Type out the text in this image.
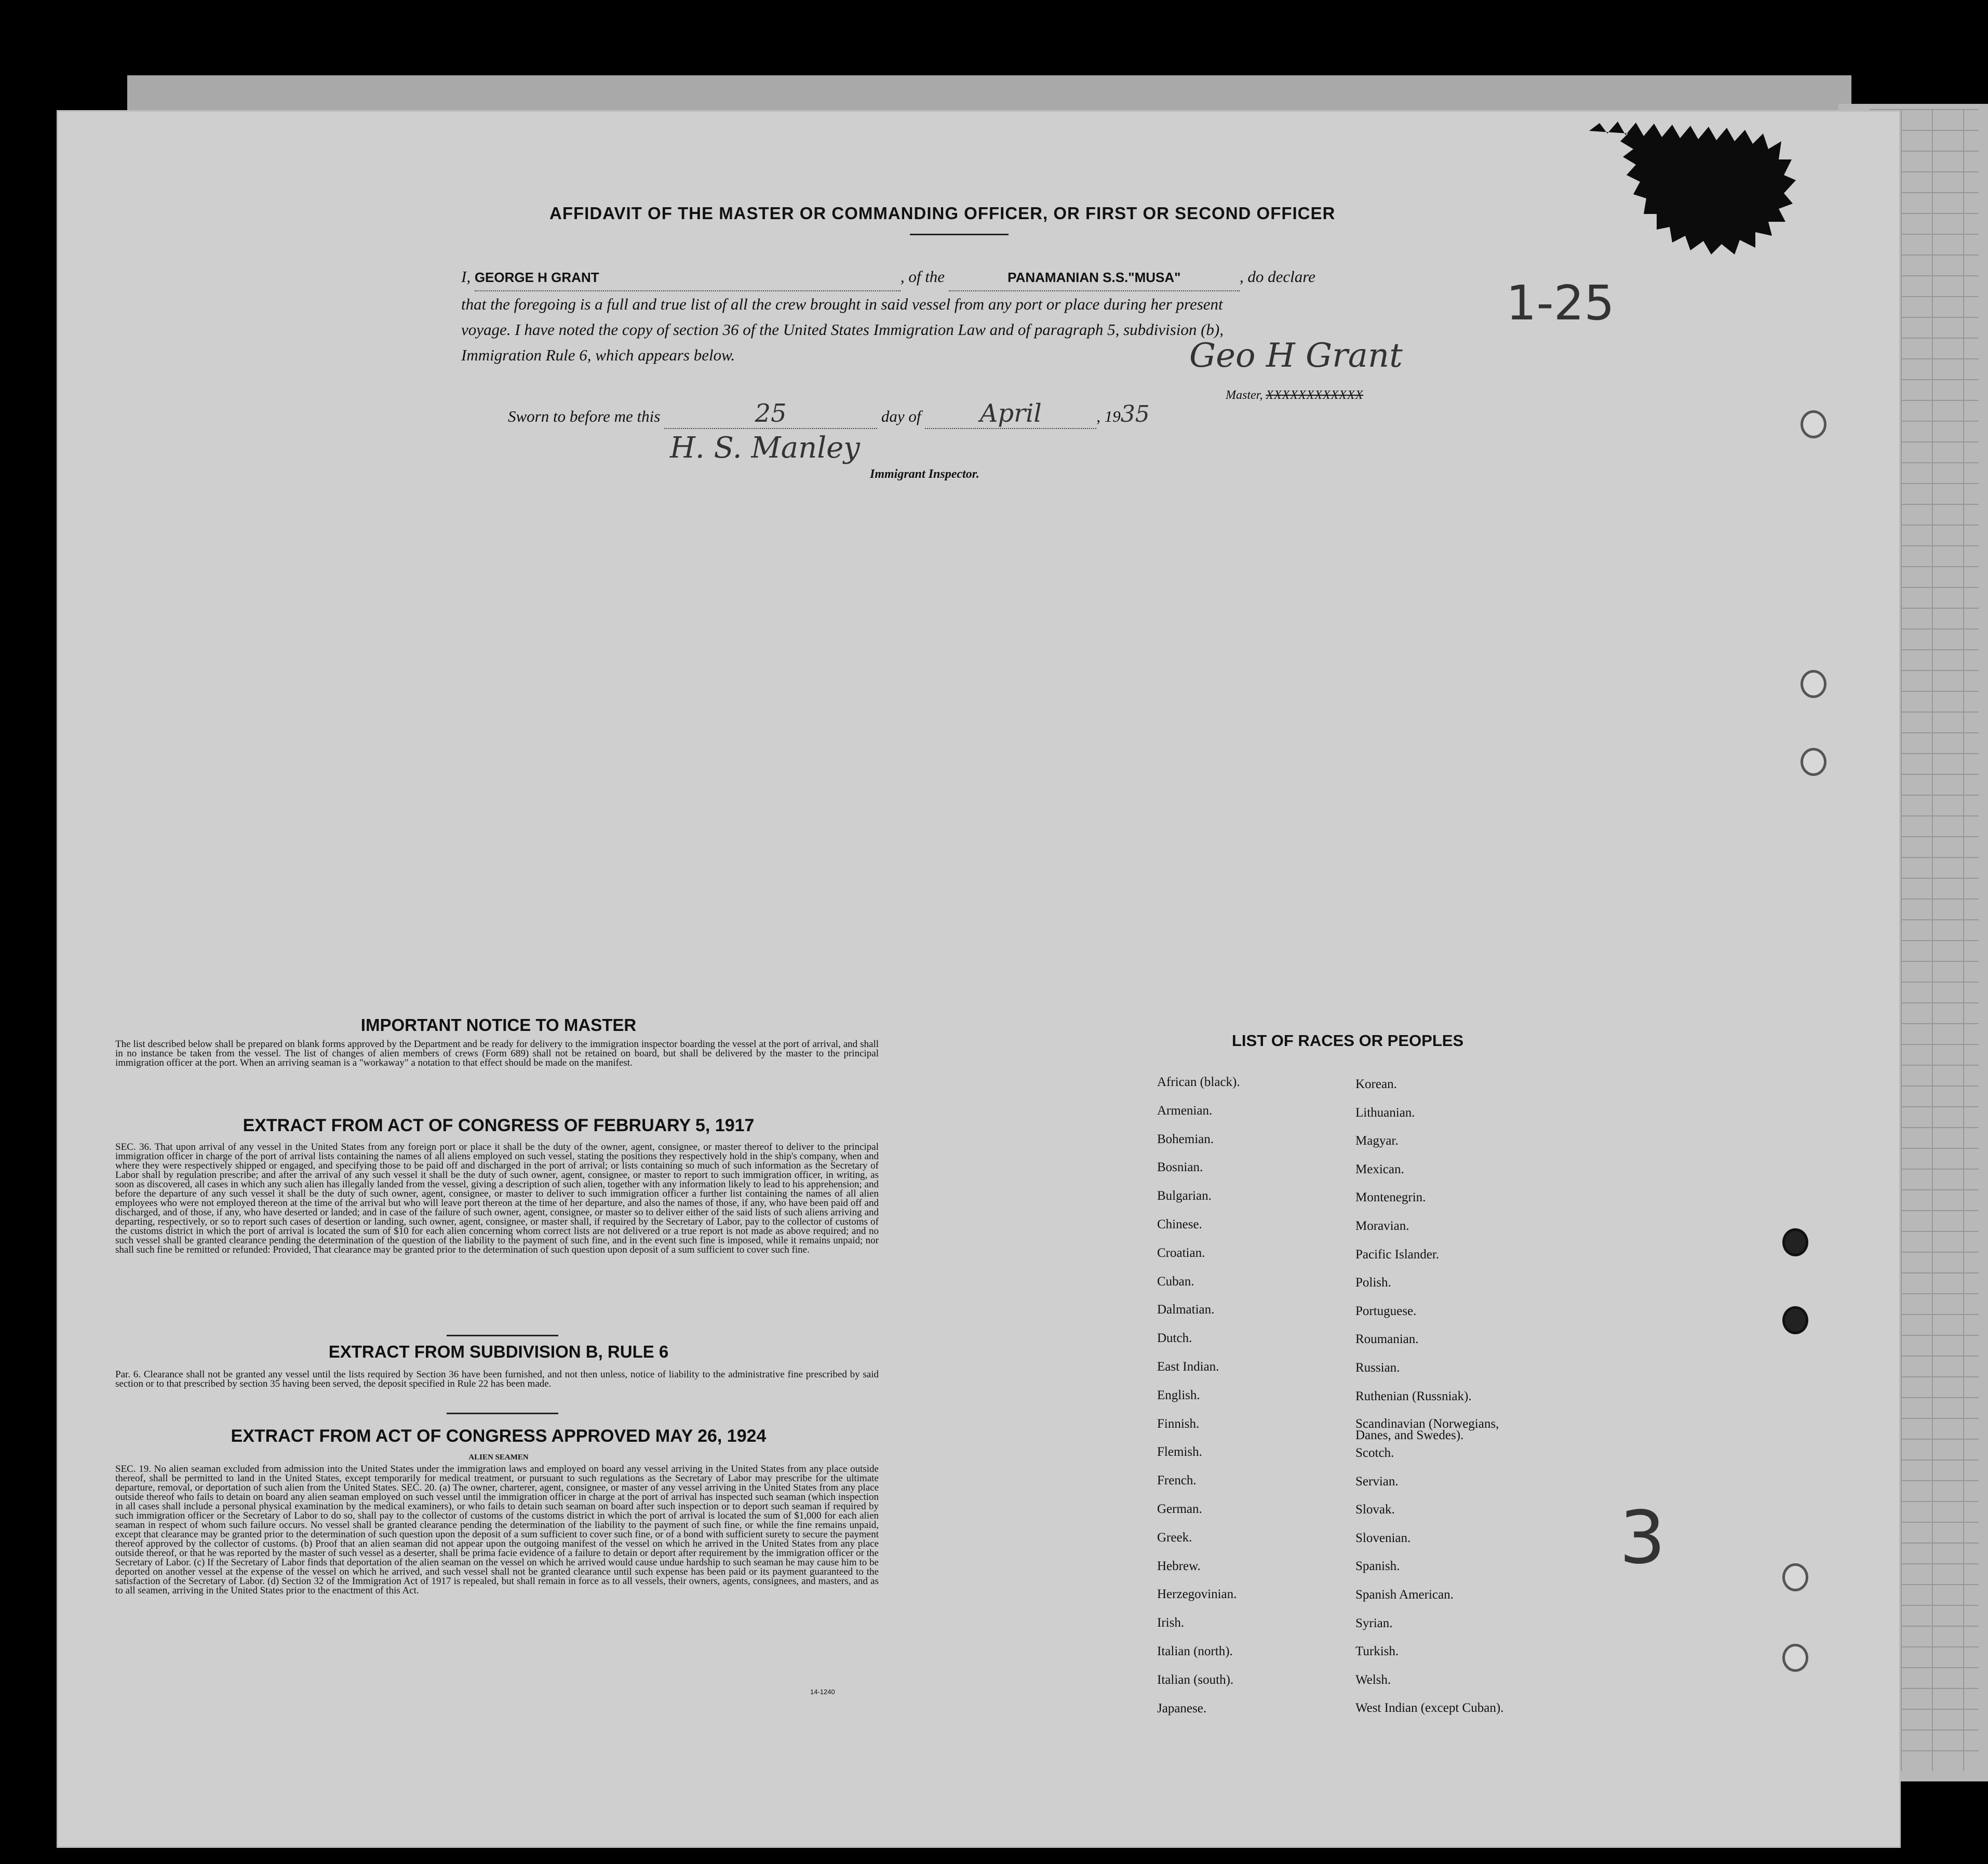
AFFIDAVIT OF THE MASTER OR COMMANDING OFFICER, OR FIRST OR SECOND OFFICER
I, GEORGE H GRANT	, of the	PANAMANIAN S.S."MUSA"	, do declare
that the foregoing is a full and true list of all the crew brought in said vessel from any port or place during her present
voyage. I have noted the copy of section 36 of the United States Immigration Law and of paragraph 5, subdivision (b),
Immigration Rule 6, which appears below.	Geo H Grant
Master, XXXXXXXXXXXX
Sworn to before me this	25	day of April	, 1935
H. S. Manley
Immigrant Inspector.
1-25
3
IMPORTANT NOTICE TO MASTER
The list described below shall be prepared on blank forms approved by the Department and be ready for delivery to the immigration inspector boarding the vessel at the port of arrival, and shall in no instance be taken from the vessel. The list of changes of alien members of crews (Form 689) shall not be retained on board, but shall be delivered by the master to the principal immigration officer at the port. When an arriving seaman is a "workaway" a notation to that effect should be made on the manifest.
EXTRACT FROM ACT OF CONGRESS OF FEBRUARY 5, 1917
SEC. 36. That upon arrival of any vessel in the United States from any foreign port or place it shall be the duty of the owner, agent, consignee, or master thereof to deliver to the principal immigration officer in charge of the port of arrival lists containing the names of all aliens employed on such vessel, stating the positions they respectively hold in the ship's company, when and where they were respectively shipped or engaged, and specifying those to be paid off and discharged in the port of arrival; or lists containing so much of such information as the Secretary of Labor shall by regulation prescribe; and after the arrival of any such vessel it shall be the duty of such owner, agent, consignee, or master to report to such immigration officer, in writing, as soon as discovered, all cases in which any such alien has illegally landed from the vessel, giving a description of such alien, together with any information likely to lead to his apprehension; and before the departure of any such vessel it shall be the duty of such owner, agent, consignee, or master to deliver to such immigration officer a further list containing the names of all alien employees who were not employed thereon at the time of the arrival but who will leave port thereon at the time of her departure, and also the names of those, if any, who have been paid off and discharged, and of those, if any, who have deserted or landed; and in case of the failure of such owner, agent, consignee, or master so to deliver either of the said lists of such aliens arriving and departing, respectively, or so to report such cases of desertion or landing, such owner, agent, consignee, or master shall, if required by the Secretary of Labor, pay to the collector of customs of the customs district in which the port of arrival is located the sum of $10 for each alien concerning whom correct lists are not delivered or a true report is not made as above required; and no such vessel shall be granted clearance pending the determination of the question of the liability to the payment of such fine, and in the event such fine is imposed, while it remains unpaid; nor shall such fine be remitted or refunded: Provided, That clearance may be granted prior to the determination of such question upon deposit of a sum sufficient to cover such fine.
EXTRACT FROM SUBDIVISION B, RULE 6
Par. 6. Clearance shall not be granted any vessel until the lists required by Section 36 have been furnished, and not then unless, notice of liability to the administrative fine prescribed by said section or to that prescribed by section 35 having been served, the deposit specified in Rule 22 has been made.
EXTRACT FROM ACT OF CONGRESS APPROVED MAY 26, 1924
ALIEN SEAMEN
SEC. 19. No alien seaman excluded from admission into the United States under the immigration laws and employed on board any vessel arriving in the United States from any place outside thereof, shall be permitted to land in the United States, except temporarily for medical treatment, or pursuant to such regulations as the Secretary of Labor may prescribe for the ultimate departure, removal, or deportation of such alien from the United States. SEC. 20. (a) The owner, charterer, agent, consignee, or master of any vessel arriving in the United States from any place outside thereof who fails to detain on board any alien seaman employed on such vessel until the immigration officer in charge at the port of arrival has inspected such seaman (which inspection in all cases shall include a personal physical examination by the medical examiners), or who fails to detain such seaman on board after such inspection or to deport such seaman if required by such immigration officer or the Secretary of Labor to do so, shall pay to the collector of customs of the customs district in which the port of arrival is located the sum of $1,000 for each alien seaman in respect of whom such failure occurs. No vessel shall be granted clearance pending the determination of the liability to the payment of such fine, or while the fine remains unpaid, except that clearance may be granted prior to the determination of such question upon the deposit of a sum sufficient to cover such fine, or of a bond with sufficient surety to secure the payment thereof approved by the collector of customs. (b) Proof that an alien seaman did not appear upon the outgoing manifest of the vessel on which he arrived in the United States from any place outside thereof, or that he was reported by the master of such vessel as a deserter, shall be prima facie evidence of a failure to detain or deport after requirement by the immigration officer or the Secretary of Labor. (c) If the Secretary of Labor finds that deportation of the alien seaman on the vessel on which he arrived would cause undue hardship to such seaman he may cause him to be deported on another vessel at the expense of the vessel on which he arrived, and such vessel shall not be granted clearance until such expense has been paid or its payment guaranteed to the satisfaction of the Secretary of Labor. (d) Section 32 of the Immigration Act of 1917 is repealed, but shall remain in force as to all vessels, their owners, agents, consignees, and masters, and as to all seamen, arriving in the United States prior to the enactment of this Act.
14-1240
LIST OF RACES OR PEOPLES
African (black).
Armenian.
Bohemian.
Bosnian.
Bulgarian.
Chinese.
Croatian.
Cuban.
Dalmatian.
Dutch.
East Indian.
English.
Finnish.
Flemish.
French.
German.
Greek.
Hebrew.
Herzegovinian.
Irish.
Italian (north).
Italian (south).
Japanese.
Korean.
Lithuanian.
Magyar.
Mexican.
Montenegrin.
Moravian.
Pacific Islander.
Polish.
Portuguese.
Roumanian.
Russian.
Ruthenian (Russniak).
Scandinavian (Norwegians,
Danes, and Swedes).
Scotch.
Servian.
Slovak.
Slovenian.
Spanish.
Spanish American.
Syrian.
Turkish.
Welsh.
West Indian (except Cuban).
